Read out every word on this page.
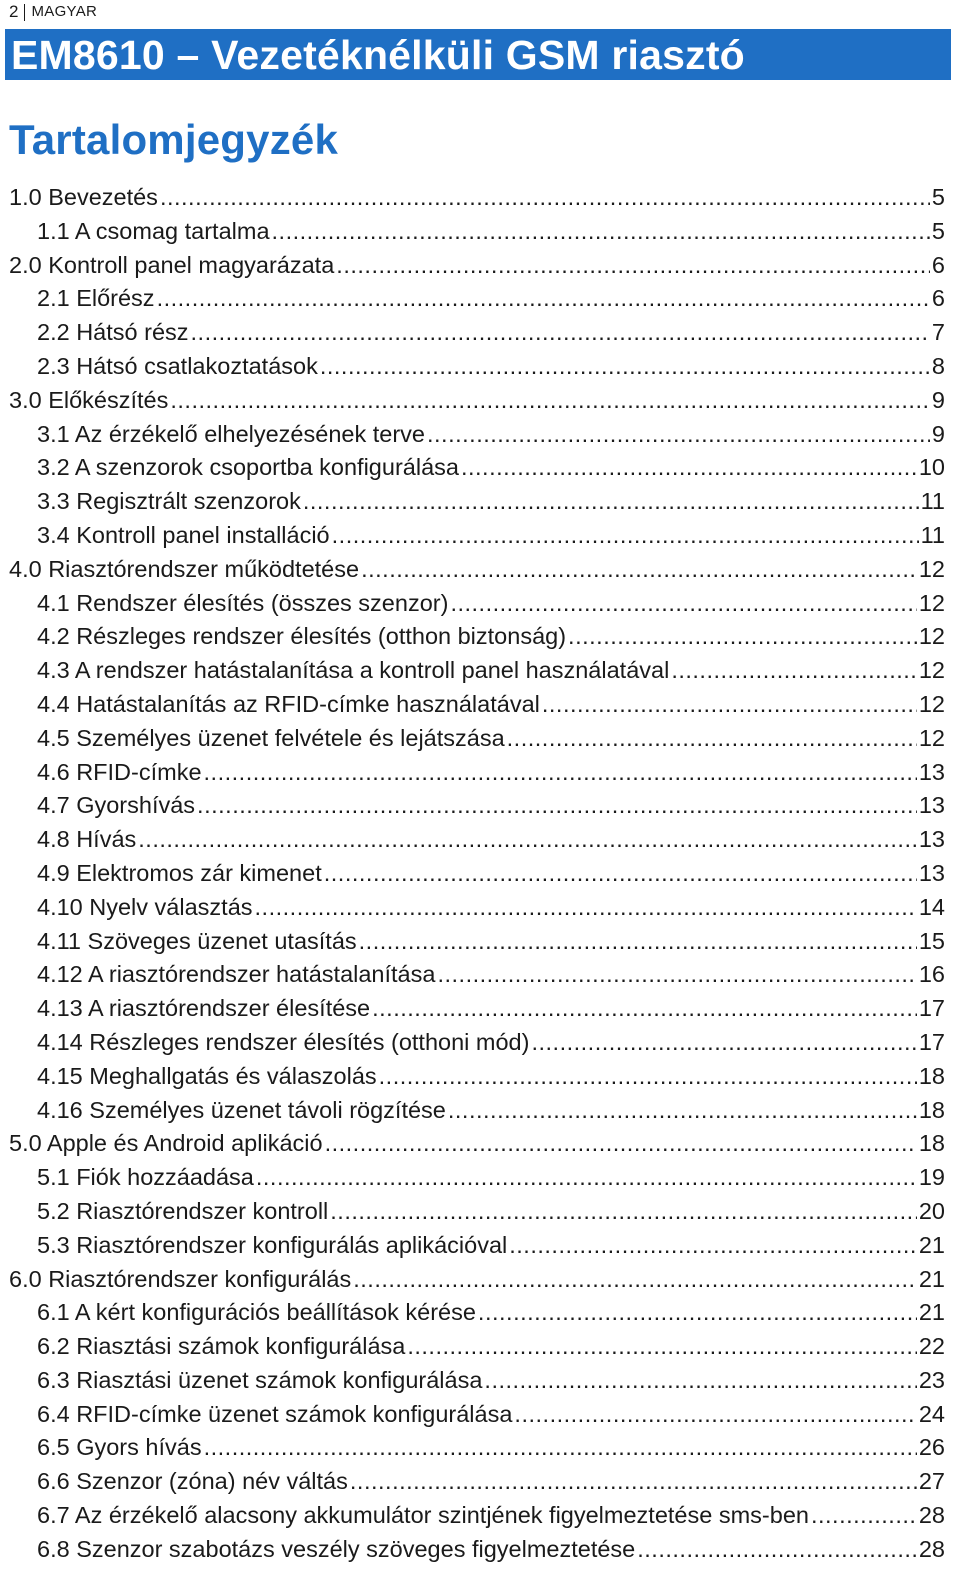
2 MAGYAR
EM8610 – Vezetéknélküli GSM riasztó
Tartalomjegyzék
1.0 Bevezetés .....	5
1.1 A csomag tartalma .....	5
2.0 Kontroll panel magyarázata .....	6
2.1 Előrész .....	6
2.2 Hátsó rész .....	7
2.3 Hátsó csatlakoztatások .....	8
3.0 Előkészítés .....	9
3.1 Az érzékelő elhelyezésének terve .....	9
3.2 A szenzorok csoportba konfigurálása .....	10
3.3 Regisztrált szenzorok .....	11
3.4 Kontroll panel installáció .....	11
4.0 Riasztórendszer működtetése .....	12
4.1 Rendszer élesítés (összes szenzor) .....	12
4.2 Részleges rendszer élesítés (otthon biztonság) .....	12
4.3 A rendszer hatástalanítása a kontroll panel használatával .....	12
4.4 Hatástalanítás az RFID-címke használatával .....	12
4.5 Személyes üzenet felvétele és lejátszása .....	12
4.6 RFID-címke .....	13
4.7 Gyorshívás .....	13
4.8 Hívás .....	13
4.9 Elektromos zár kimenet .....	13
4.10 Nyelv választás .....	14
4.11 Szöveges üzenet utasítás .....	15
4.12 A riasztórendszer hatástalanítása .....	16
4.13 A riasztórendszer élesítése .....	17
4.14 Részleges rendszer élesítés (otthoni mód) .....	17
4.15 Meghallgatás és válaszolás .....	18
4.16 Személyes üzenet távoli rögzítése .....	18
5.0 Apple és Android aplikáció .....	18
5.1 Fiók hozzáadása .....	19
5.2 Riasztórendszer kontroll .....	20
5.3 Riasztórendszer konfigurálás aplikációval .....	21
6.0 Riasztórendszer konfigurálás .....	21
6.1 A kért konfigurációs beállítások kérése .....	21
6.2 Riasztási számok konfigurálása .....	22
6.3 Riasztási üzenet számok konfigurálása .....	23
6.4 RFID-címke üzenet számok konfigurálása .....	24
6.5 Gyors hívás .....	26
6.6 Szenzor (zóna) név váltás .....	27
6.7 Az érzékelő alacsony akkumulátor szintjének figyelmeztetése sms-ben .....	28
6.8 Szenzor szabotázs veszély szöveges figyelmeztetése .....	28
